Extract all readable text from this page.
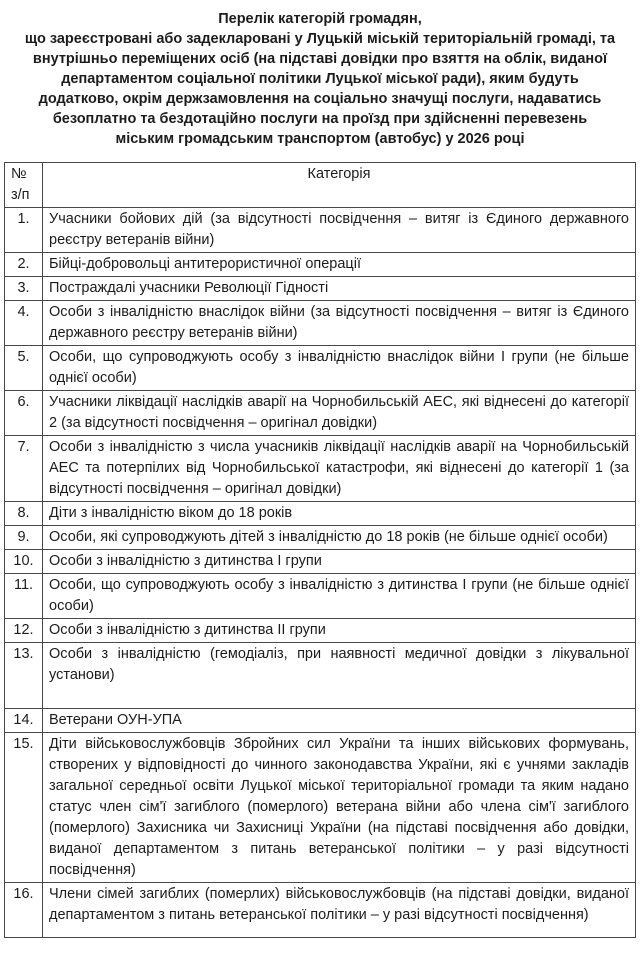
Перелік категорій громадян,

що зареєстровані або задекларовані у Луцькій міській територіальній громаді, та внутрішньо переміщених осіб (на підставі довідки про взяття на облік, виданої департаментом соціальної політики Луцької міської ради), яким будуть додатково, окрім держзамовлення на соціально значущі послуги, надаватись безоплатно та бездотаційно послуги на проїзд при здійсненні перевезень міським громадським транспортом (автобус) у 2026 році

№
з/п	Категорія
1.	Учасники бойових дій (за відсутності посвідчення – витяг із Єдиного державного реєстру ветеранів війни)
2.	Бійці-добровольці антитерористичної операції
3.	Постраждалі учасники Революції Гідності
4.	Особи з інвалідністю внаслідок війни (за відсутності посвідчення – витяг із Єдиного державного реєстру ветеранів війни)
5.	Особи, що супроводжують особу з інвалідністю внаслідок війни І групи (не більше однієї особи)
6.	Учасники ліквідації наслідків аварії на Чорнобильській АЕС, які віднесені до категорії 2 (за відсутності посвідчення – оригінал довідки)
7.	Особи з інвалідністю з числа учасників ліквідації наслідків аварії на Чорнобильській АЕС та потерпілих від Чорнобильської катастрофи, які віднесені до категорії 1 (за відсутності посвідчення – оригінал довідки)
8.	Діти з інвалідністю віком до 18 років
9.	Особи, які супроводжують дітей з інвалідністю до 18 років (не більше однієї особи)
10.	Особи з інвалідністю з дитинства І групи
11.	Особи, що супроводжують особу з інвалідністю з дитинства І групи (не більше однієї особи)
12.	Особи з інвалідністю з дитинства ІІ групи
13.	Особи з інвалідністю (гемодіаліз, при наявності медичної довідки з лікувальної установи)
14.	Ветерани ОУН-УПА
15.	Діти військовослужбовців Збройних сил України та інших військових формувань, створених у відповідності до чинного законодавства України, які є учнями закладів загальної середньої освіти Луцької міської територіальної громади та яким надано статус член сім'ї загиблого (померлого) ветерана війни або члена сім'ї загиблого (померлого) Захисника чи Захисниці України (на підставі посвідчення або довідки, виданої департаментом з питань ветеранської політики – у разі відсутності посвідчення)
16.	Члени сімей загиблих (померлих) військовослужбовців (на підставі довідки, виданої департаментом з питань ветеранської політики – у разі відсутності посвідчення)
